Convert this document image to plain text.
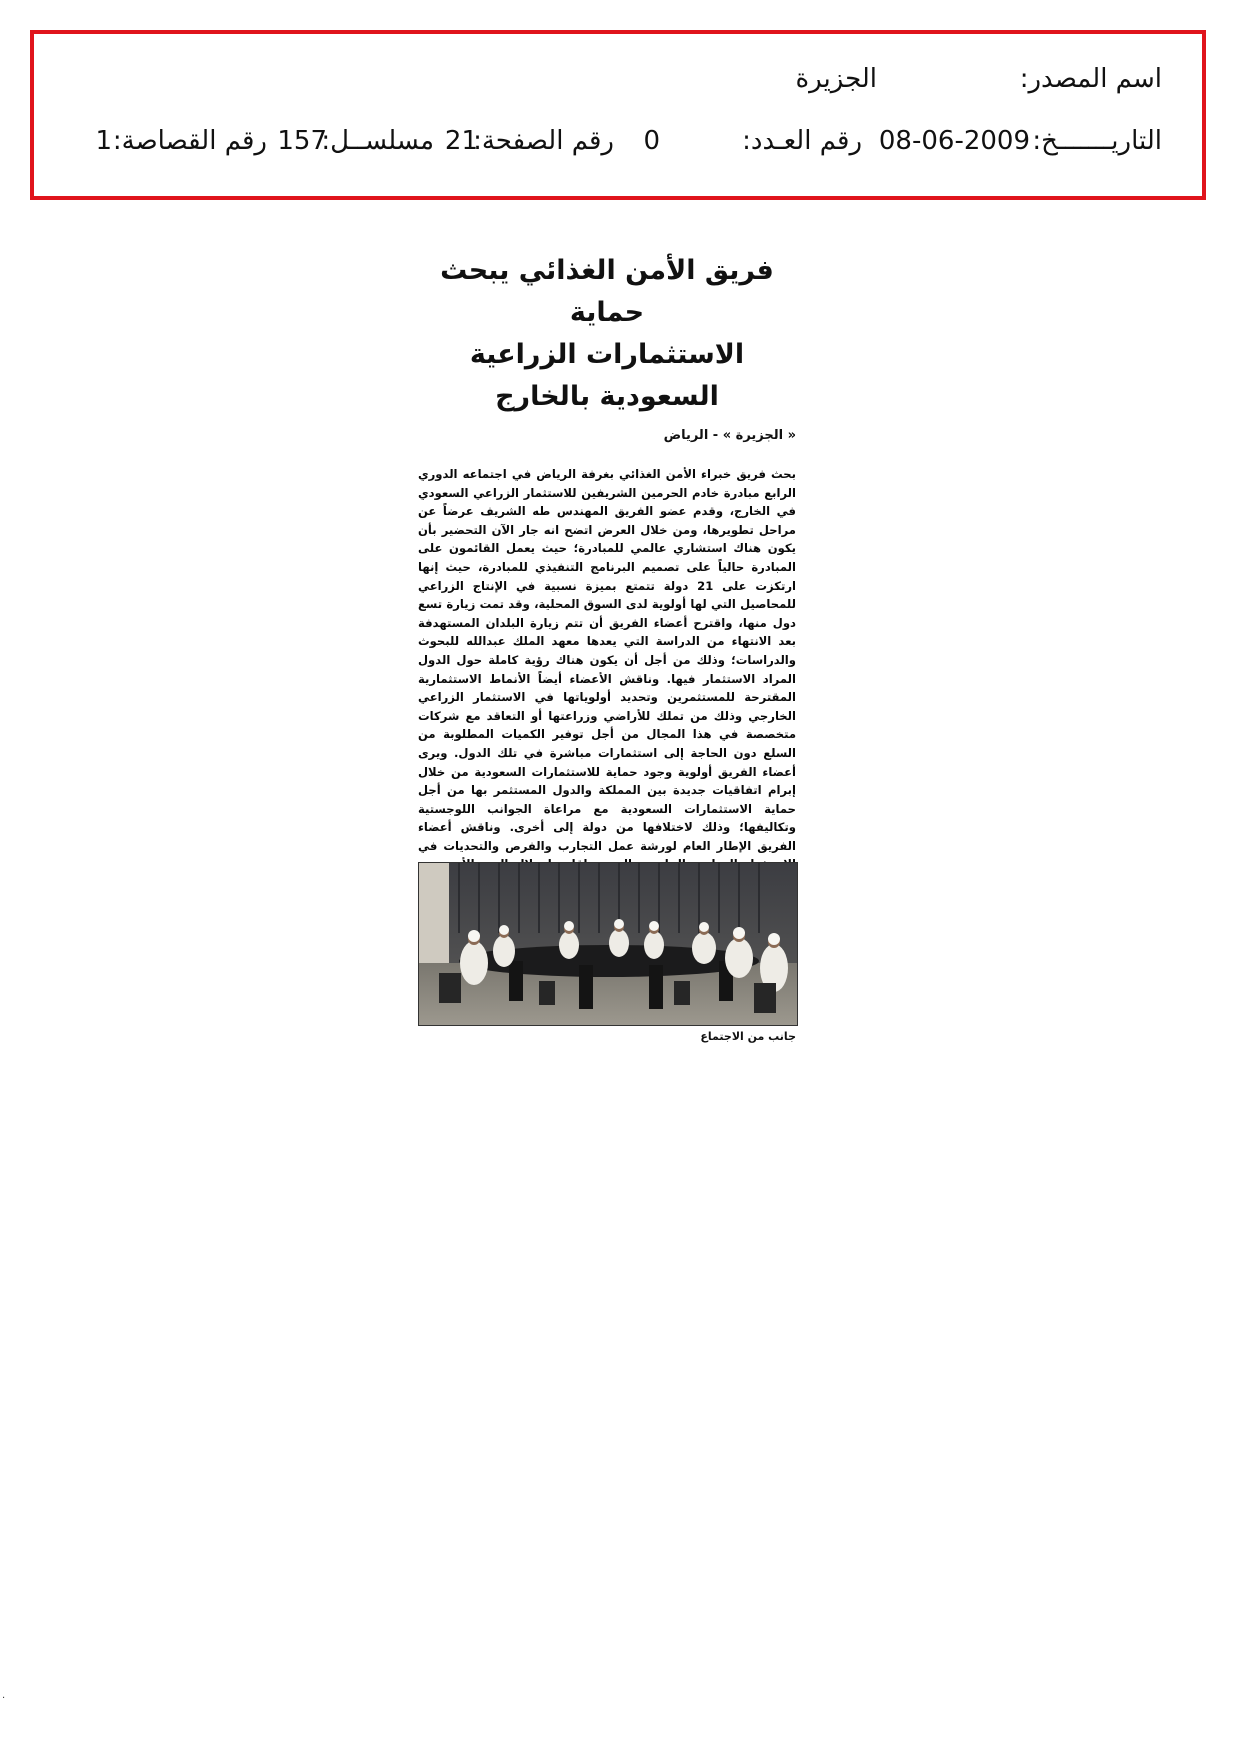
اسم المصدر:
الجزيرة
التاريـــــــخ:
08-06-2009
رقم العـدد:
0
رقم الصفحة:
21
مسلســل:
157
رقم القصاصة:
1
فريق الأمن الغذائي يبحث حماية
الاستثمارات الزراعية السعودية بالخارج
« الجزيرة » - الرياض
بحث فريق خبراء الأمن الغذائي بغرفة الرياض في اجتماعه الدوري الرابع مبادرة خادم الحرمين الشريفين للاستثمار الزراعي السعودي في الخارج، وقدم عضو الفريق المهندس طه الشريف عرضاً عن مراحل تطويرها، ومن خلال العرض اتضح انه جار الآن التحضير بأن يكون هناك استشاري عالمي للمبادرة؛ حيث يعمل القائمون على المبادرة حالياً على تصميم البرنامج التنفيذي للمبادرة، حيث إنها ارتكزت على 21 دولة تتمتع بميزة نسبية في الإنتاج الزراعي للمحاصيل التي لها أولوية لدى السوق المحلية، وقد تمت زيارة تسع دول منها، واقترح أعضاء الفريق أن تتم زيارة البلدان المستهدفة بعد الانتهاء من الدراسة التي يعدها معهد الملك عبدالله للبحوث والدراسات؛ وذلك من أجل أن يكون هناك رؤية كاملة حول الدول المراد الاستثمار فيها. وناقش الأعضاء أيضاً الأنماط الاستثمارية المقترحة للمستثمرين وتحديد أولوياتها في الاستثمار الزراعي الخارجي وذلك من تملك للأراضي وزراعتها أو التعاقد مع شركات متخصصة في هذا المجال من أجل توفير الكميات المطلوبة من السلع دون الحاجة إلى استثمارات مباشرة في تلك الدول. ويرى أعضاء الفريق أولوية وجود حماية للاستثمارات السعودية من خلال إبرام اتفاقيات جديدة بين المملكة والدول المستثمر بها من أجل حماية الاستثمارات السعودية مع مراعاة الجوانب اللوجستية وتكاليفها؛ وذلك لاختلافها من دولة إلى أخرى. وناقش أعضاء الفريق الإطار العام لورشة عمل التجارب والفرص والتحديات في
جانب من الاجتماع
.
